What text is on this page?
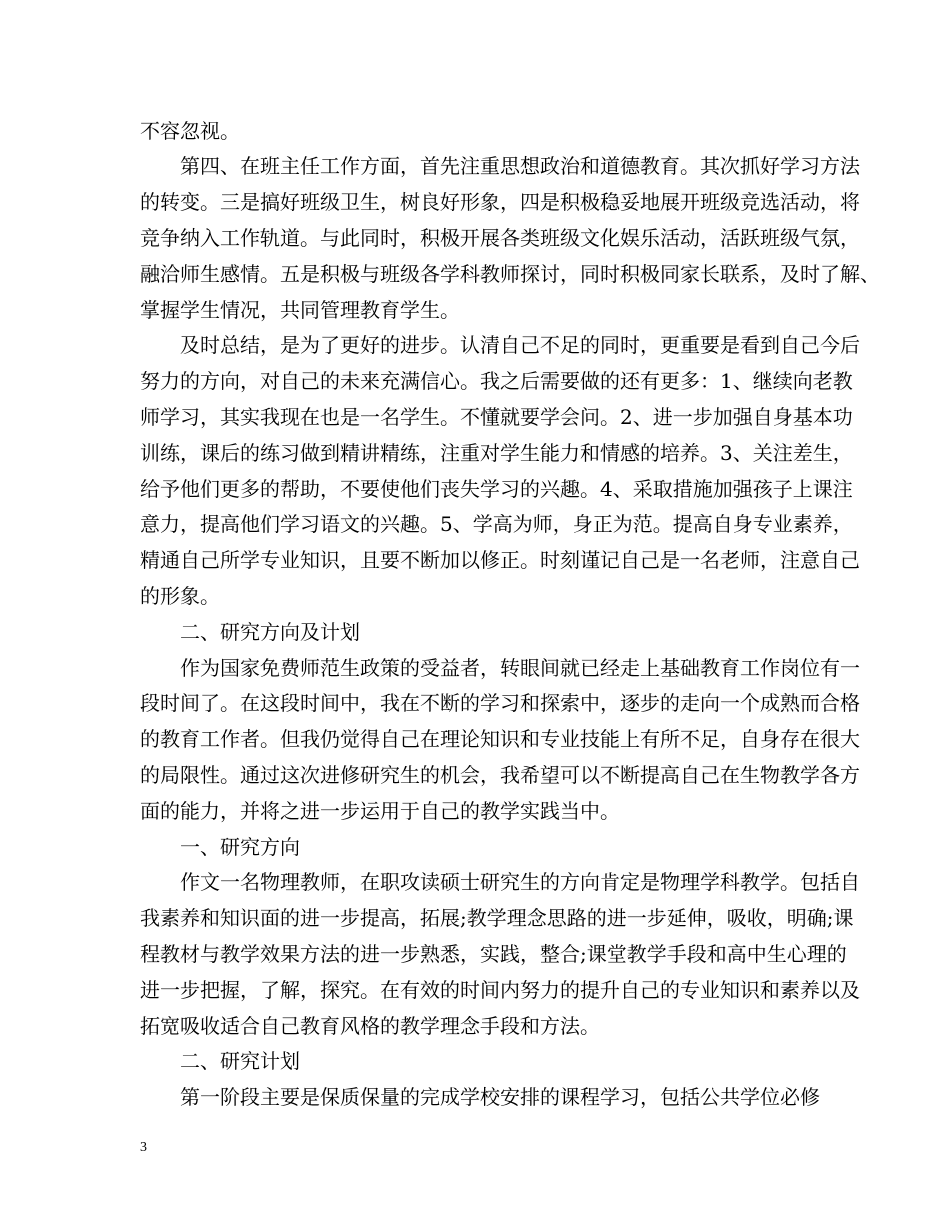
不容忽视。
第四、在班主任工作方面，首先注重思想政治和道德教育。其次抓好学习方法
的转变。三是搞好班级卫生，树良好形象，四是积极稳妥地展开班级竞选活动，将
竞争纳入工作轨道。与此同时，积极开展各类班级文化娱乐活动，活跃班级气氛，
融洽师生感情。五是积极与班级各学科教师探讨，同时积极同家长联系，及时了解、
掌握学生情况，共同管理教育学生。
及时总结，是为了更好的进步。认清自己不足的同时，更重要是看到自己今后
努力的方向，对自己的未来充满信心。我之后需要做的还有更多：1、继续向老教
师学习，其实我现在也是一名学生。不懂就要学会问。2、进一步加强自身基本功
训练，课后的练习做到精讲精练，注重对学生能力和情感的培养。3、关注差生，
给予他们更多的帮助，不要使他们丧失学习的兴趣。4、采取措施加强孩子上课注
意力，提高他们学习语文的兴趣。5、学高为师，身正为范。提高自身专业素养，
精通自己所学专业知识，且要不断加以修正。时刻谨记自己是一名老师，注意自己
的形象。
二、研究方向及计划
作为国家免费师范生政策的受益者，转眼间就已经走上基础教育工作岗位有一
段时间了。在这段时间中，我在不断的学习和探索中，逐步的走向一个成熟而合格
的教育工作者。但我仍觉得自己在理论知识和专业技能上有所不足，自身存在很大
的局限性。通过这次进修研究生的机会，我希望可以不断提高自己在生物教学各方
面的能力，并将之进一步运用于自己的教学实践当中。
一、研究方向
作文一名物理教师，在职攻读硕士研究生的方向肯定是物理学科教学。包括自
我素养和知识面的进一步提高，拓展;教学理念思路的进一步延伸，吸收，明确;课
程教材与教学效果方法的进一步熟悉，实践，整合;课堂教学手段和高中生心理的
进一步把握，了解，探究。在有效的时间内努力的提升自己的专业知识和素养以及
拓宽吸收适合自己教育风格的教学理念手段和方法。
二、研究计划
第一阶段主要是保质保量的完成学校安排的课程学习，包括公共学位必修
3
